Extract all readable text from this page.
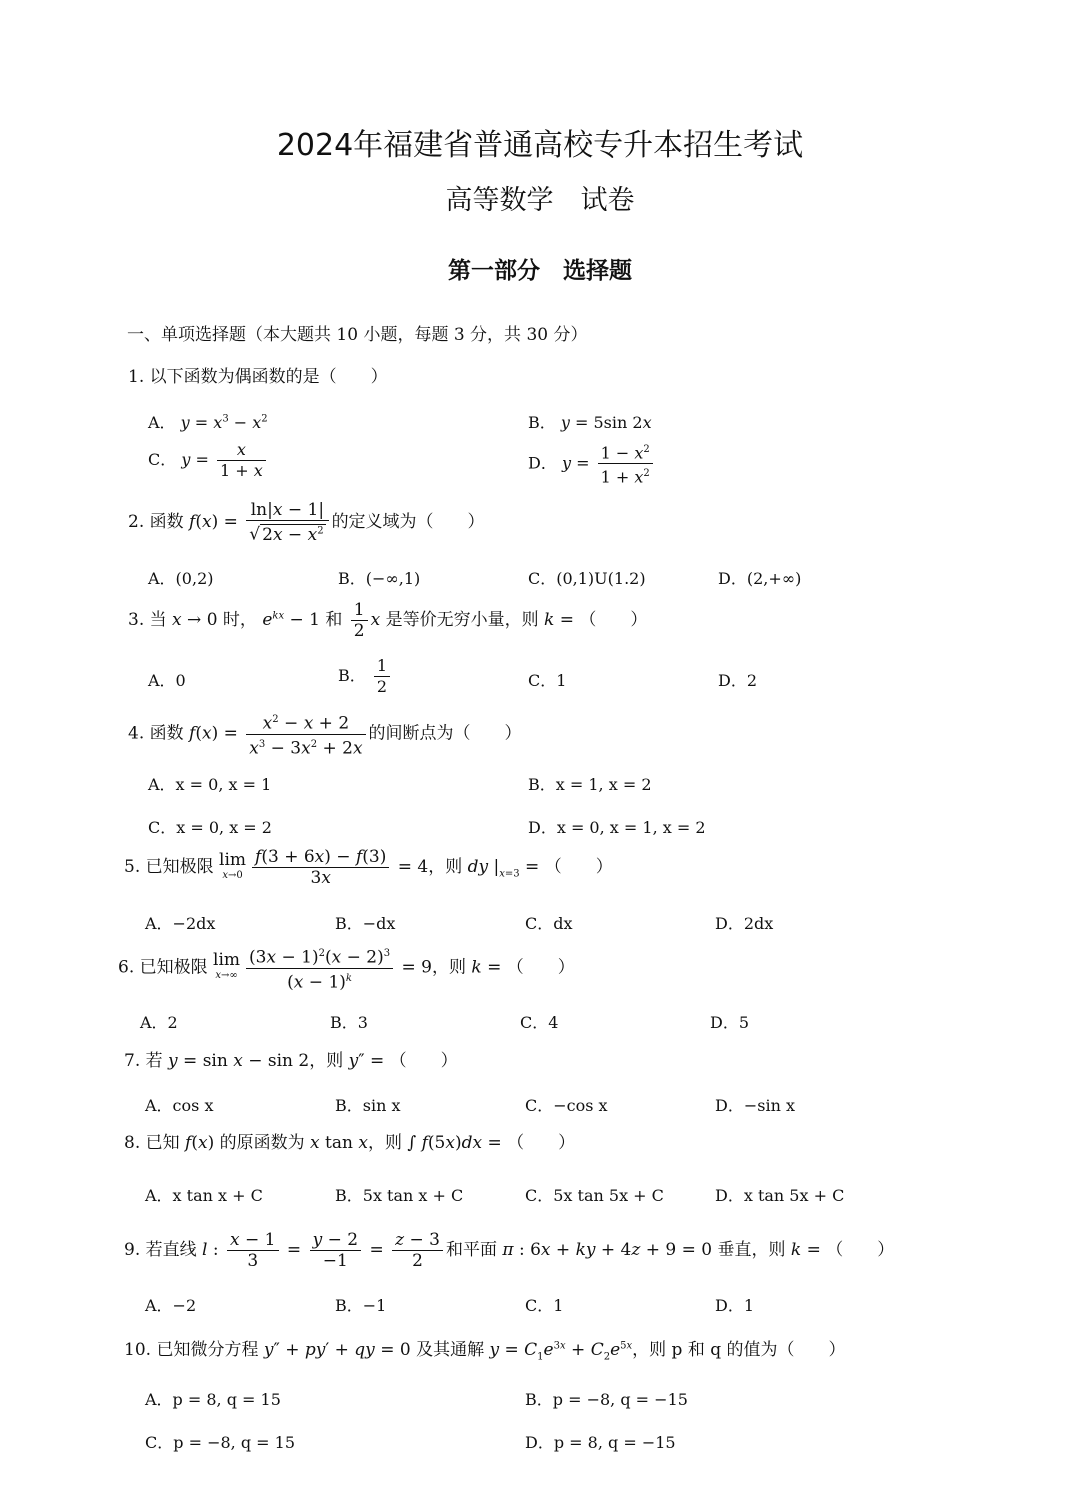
2024年福建省普通高校专升本招生考试
高等数学　试卷
第一部分　选择题
一、单项选择题（本大题共 10 小题，每题 3 分，共 30 分）
1. 以下函数为偶函数的是（　　）
A． $y = x^3 - x^2$	B． y = 5sin 2x
C． $y = \frac{x}{1 + x}$	D． $y = \frac{1 - x^2}{1 + x^2}$
2. 函数 $f(x) = \frac{\ln|x - 1|}{√ 2x - x^2}$ 的定义域为（　　）
A．(0,2)	B．(−∞,1)	C．(0,1)U(1.2)	D．(2,+∞)
3. 当 x → 0 时， $e^{kx} - 1$ 和 $\frac{1}{2}$ x 是等价无穷小量，则 k = （　　）
A．0	B． $\frac{1}{2}$	C．1	D．2
4. 函数 $f(x) = \frac{x^2 - x + 2}{x^3 - 3x^2 + 2x}$ 的间断点为（　　）
A．x = 0, x = 1	B．x = 1, x = 2
C．x = 0, x = 2	D．x = 0, x = 1, x = 2
5. 已知极限 lim
$x\to 0 \frac{f(3 + 6x) - f(3)}{3x} = 4$，则 dy $|_{x=3}$ = （　　）
A．−2dx	B．−dx	C．dx	D．2dx
6. 已知极限 lim
$x\to\infty \frac{(3x - 1)^2(x - 2)^3}{(x - 1)^k} = 9$，则 k = （　　）
A．2	B．3	C．4	D．5
7. 若 y = sin x − sin 2，则 y″ = （　　）
A．cos x	B．sin x	C．−cos x	D．−sin x
8. 已知 f(x) 的原函数为 x tan x，则 ∫ f(5x)dx = （　　）
A．x tan x + C	B．5x tan x + C	C．5x tan 5x + C	D．x tan 5x + C
9. 若直线 l : $\frac{x - 1}{3} = \frac{y - 2}{-1} = \frac{z - 3}{2}$ 和平面 π : 6x + ky + 4z + 9 = 0 垂直，则 k = （　　）
A．−2	B．−1	C．1	D．1
10. 已知微分方程 y″ + py′ + qy = 0 及其通解 $y = C_1e^{3x} + C_2e^{5x}$，则 p 和 q 的值为（　　）
A．p = 8, q = 15	B．p = −8, q = −15
C．p = −8, q = 15	D．p = 8, q = −15
